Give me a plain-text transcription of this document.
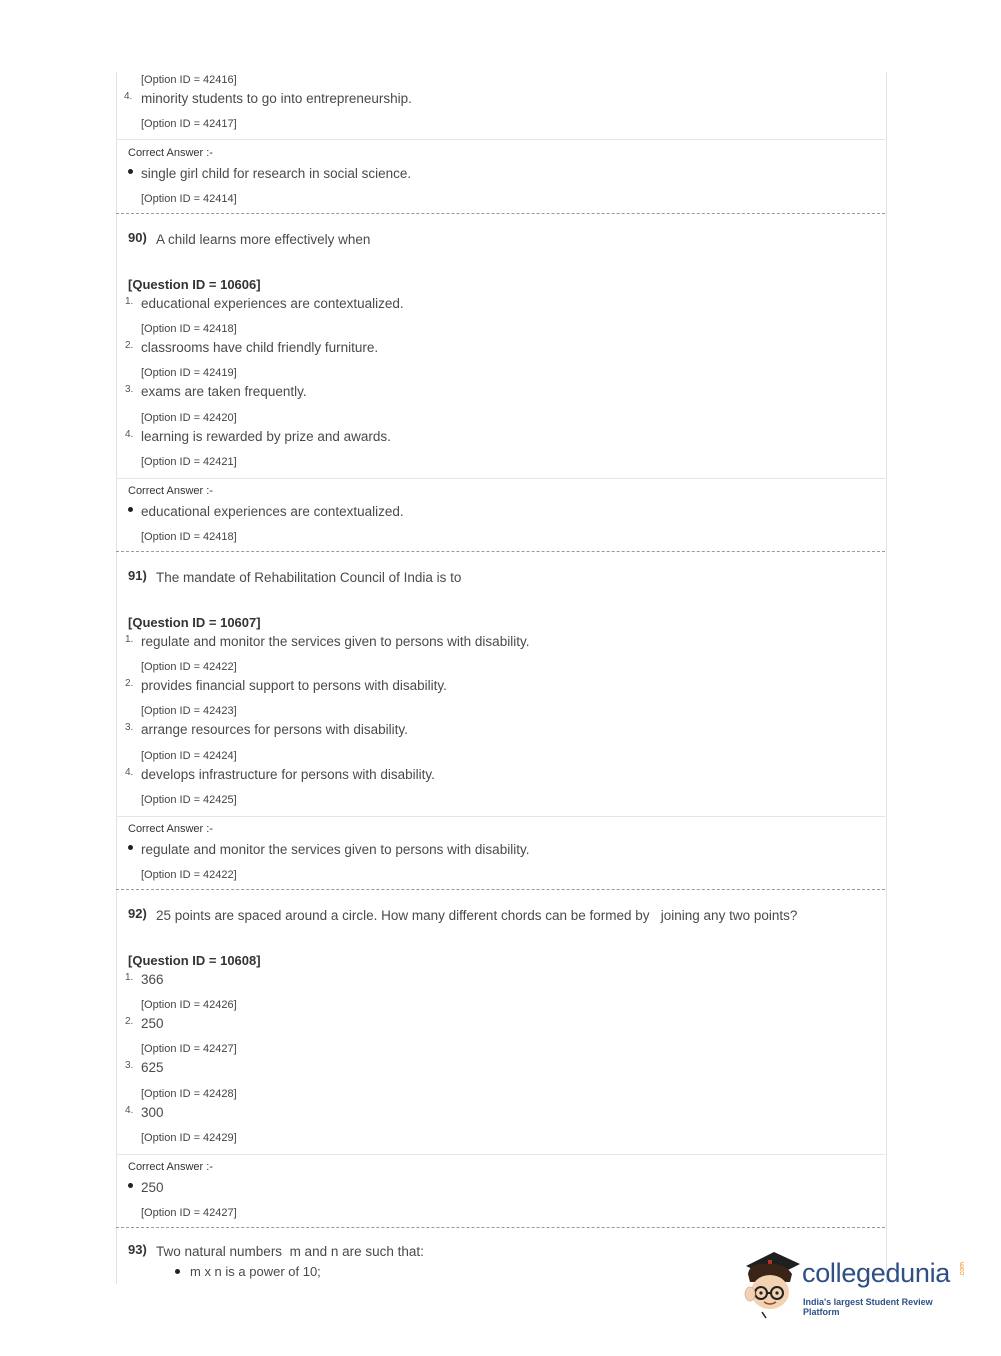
[Option ID = 42416]
4. minority students to go into entrepreneurship.
[Option ID = 42417]
Correct Answer :-
single girl child for research in social science.
[Option ID = 42414]
90) A child learns more effectively when
[Question ID = 10606]
1. educational experiences are contextualized.
[Option ID = 42418]
2. classrooms have child friendly furniture.
[Option ID = 42419]
3. exams are taken frequently.
[Option ID = 42420]
4. learning is rewarded by prize and awards.
[Option ID = 42421]
Correct Answer :-
educational experiences are contextualized.
[Option ID = 42418]
91) The mandate of Rehabilitation Council of India is to
[Question ID = 10607]
1. regulate and monitor the services given to persons with disability.
[Option ID = 42422]
2. provides financial support to persons with disability.
[Option ID = 42423]
3. arrange resources for persons with disability.
[Option ID = 42424]
4. develops infrastructure for persons with disability.
[Option ID = 42425]
Correct Answer :-
regulate and monitor the services given to persons with disability.
[Option ID = 42422]
92) 25 points are spaced around a circle. How many different chords can be formed by   joining any two points?
[Question ID = 10608]
1. 366
[Option ID = 42426]
2. 250
[Option ID = 42427]
3. 625
[Option ID = 42428]
4. 300
[Option ID = 42429]
Correct Answer :-
250
[Option ID = 42427]
93) Two natural numbers  m and n are such that:
m x n is a power of 10;	collegedunia .com
India's largest Student Review Platform
